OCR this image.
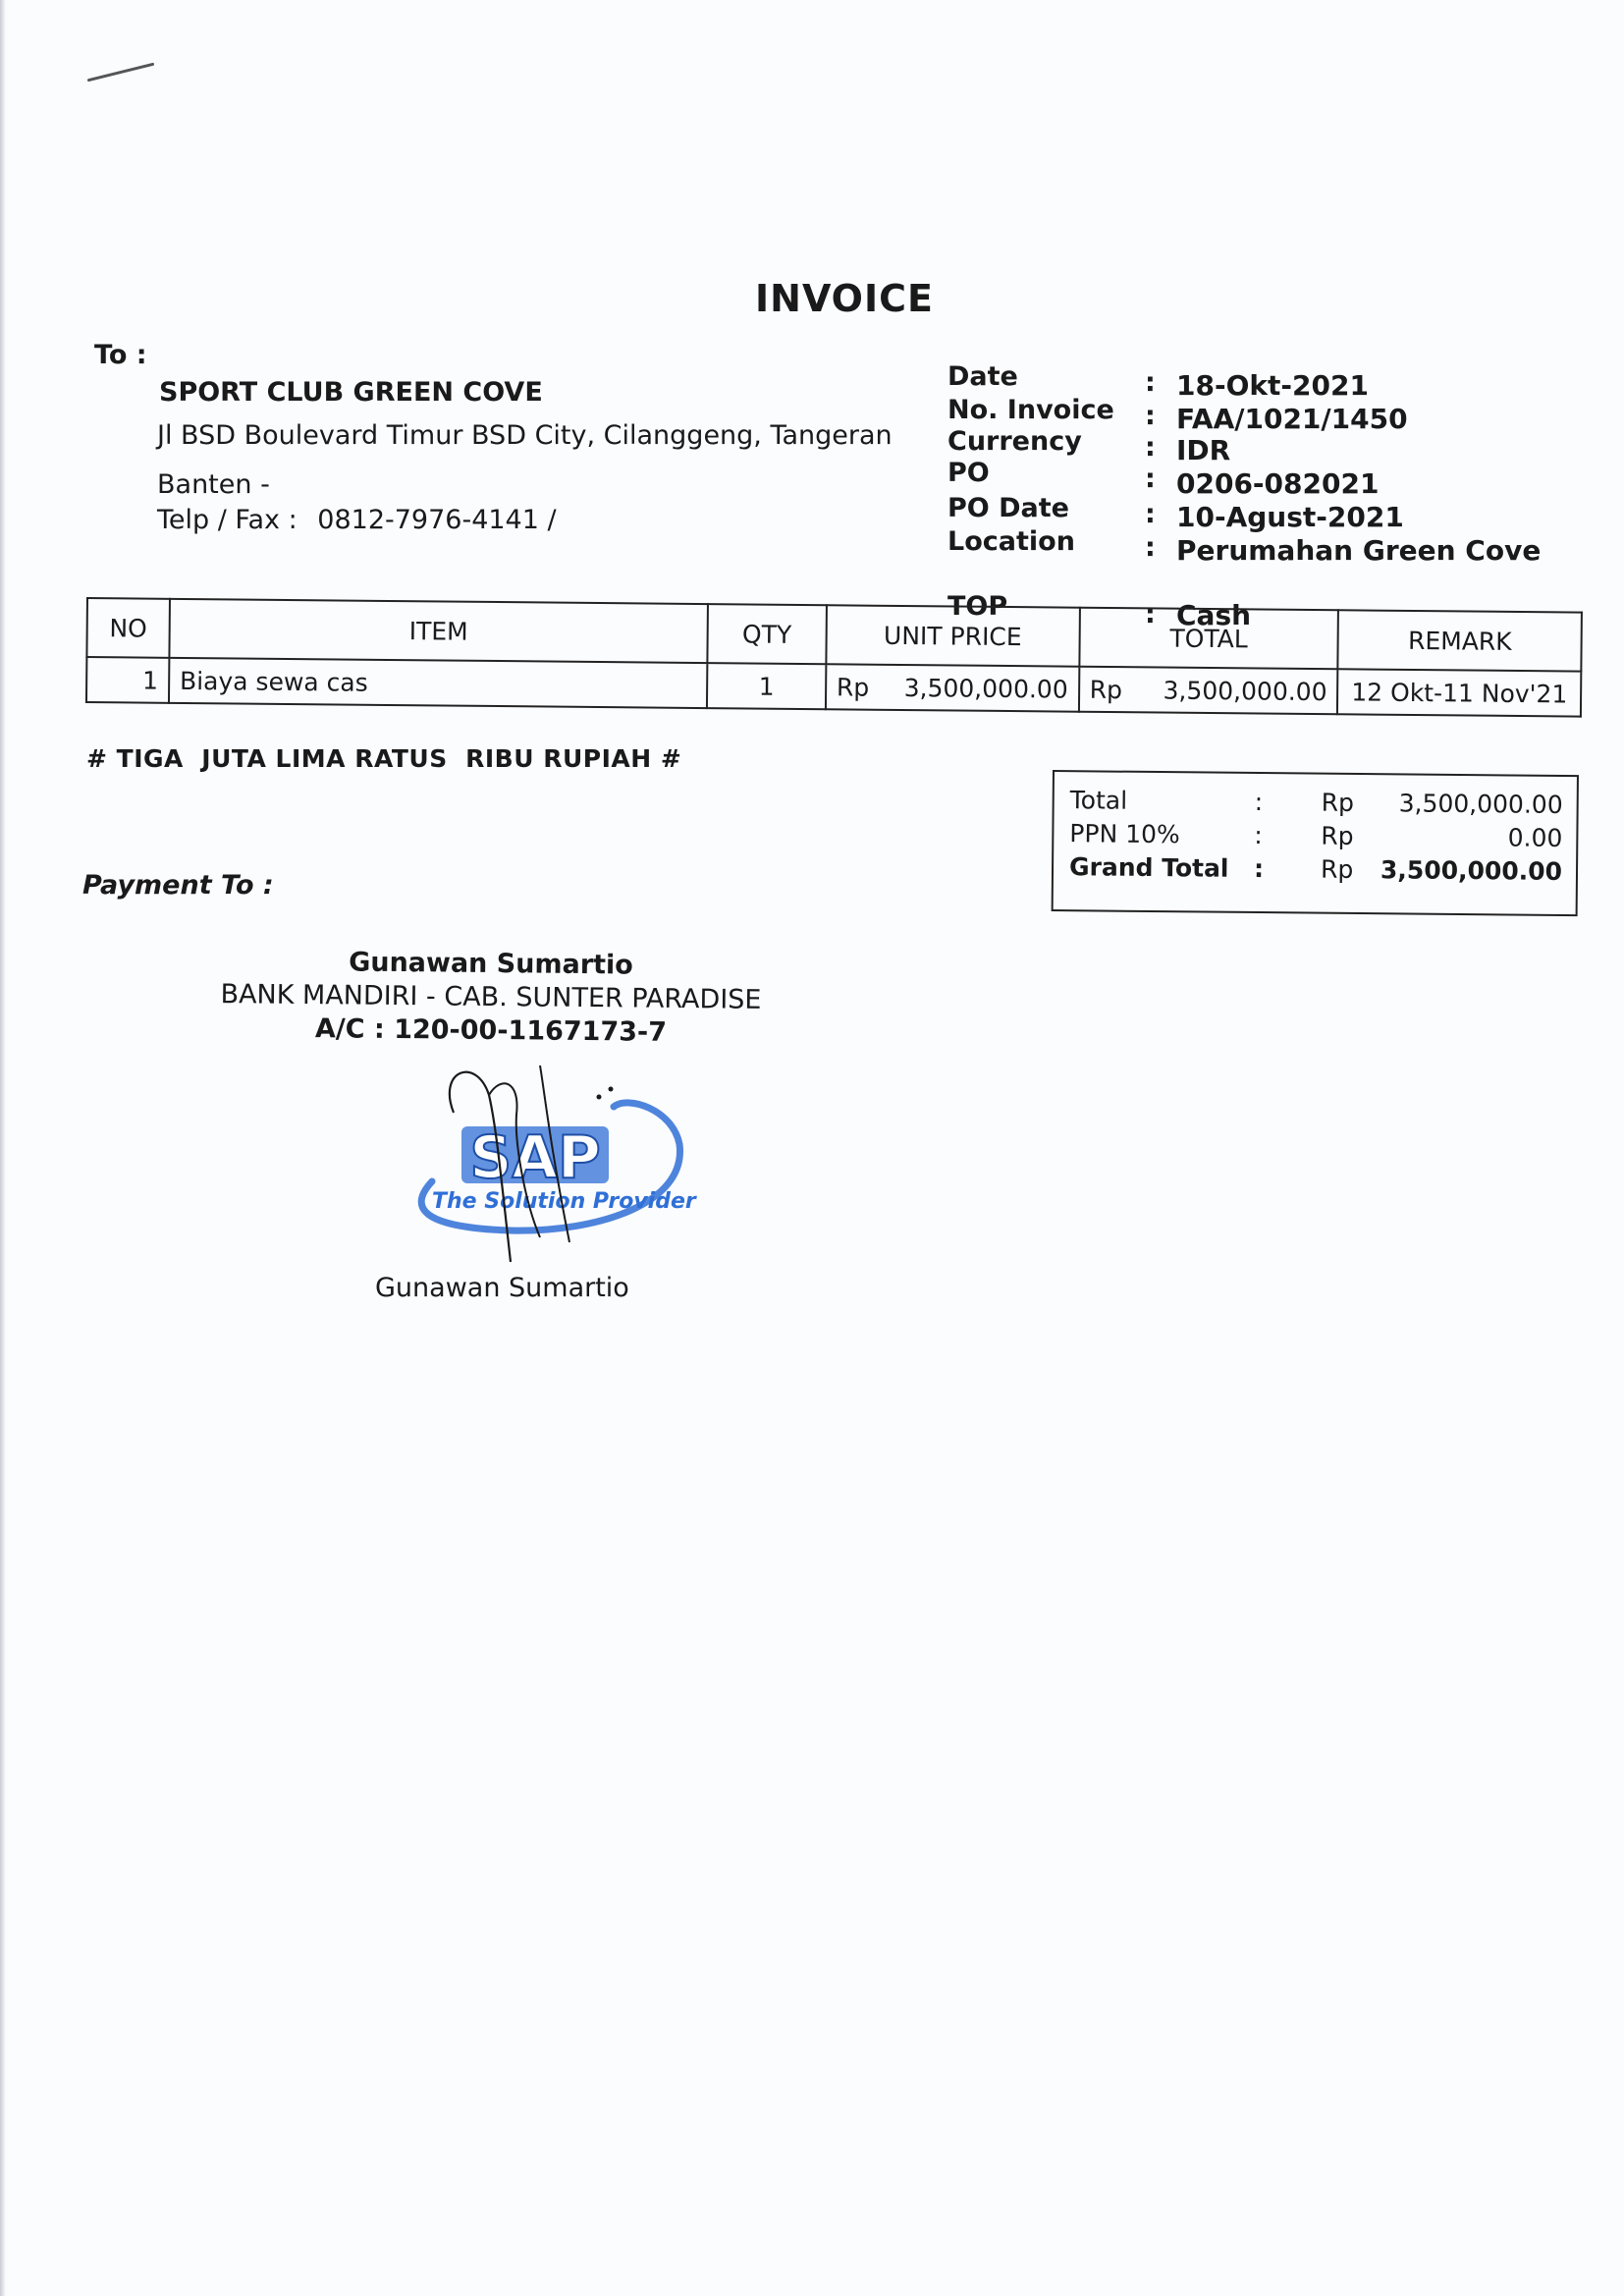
INVOICE
To :
SPORT CLUB GREEN COVE
Jl BSD Boulevard Timur BSD City, Cilanggeng, Tangeran
Banten -
Telp / Fax : 0812-7976-4141 /
Date	: 18-Okt-2021
No. Invoice : FAA/1021/1450
Currency : IDR
PO	: 0206-082021
PO Date	: 10-Agust-2021
Location	: Perumahan Green Cove
TOP	: Cash
NO	ITEM	QTY	UNIT PRICE	TOTAL	REMARK
1	Biaya sewa cas	1	Rp 3,500,000.00	Rp 3,500,000.00	12 Okt-11 Nov'21
# TIGA  JUTA LIMA RATUS  RIBU RUPIAH #
Total	: Rp 3,500,000.00
PPN 10%	: Rp	0.00
Grand Total : Rp 3,500,000.00
Payment To :
Gunawan Sumartio
BANK MANDIRI - CAB. SUNTER PARADISE
A/C : 120-00-1167173-7
SAP
The Solution Provider
Gunawan Sumartio
